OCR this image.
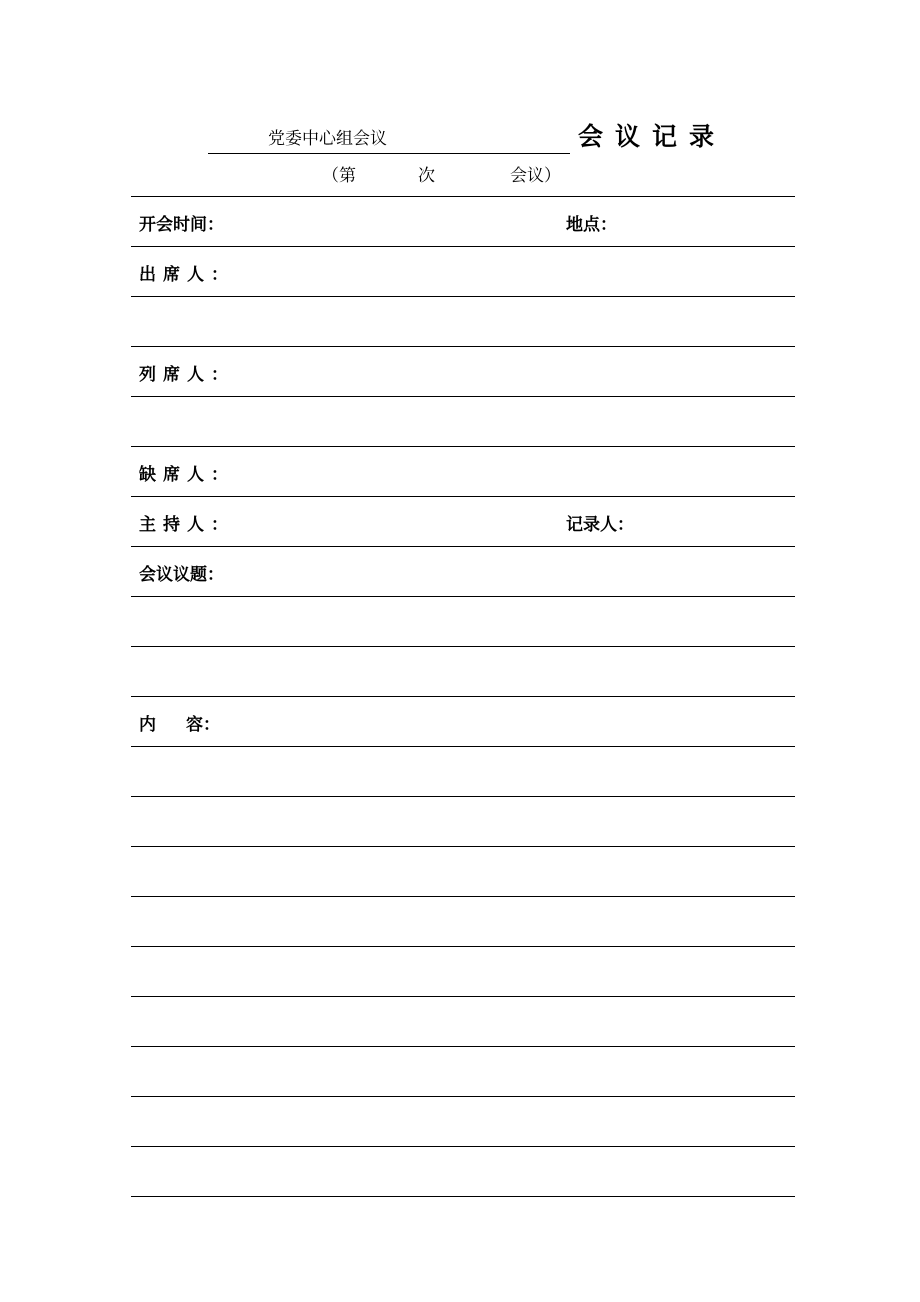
党委中心组会议	会议记录
（第	次	会议）
开会时间：	地点：
出席人：
列席人：
缺席人：
主持人：	记录人：
会议议题：
内 容：
